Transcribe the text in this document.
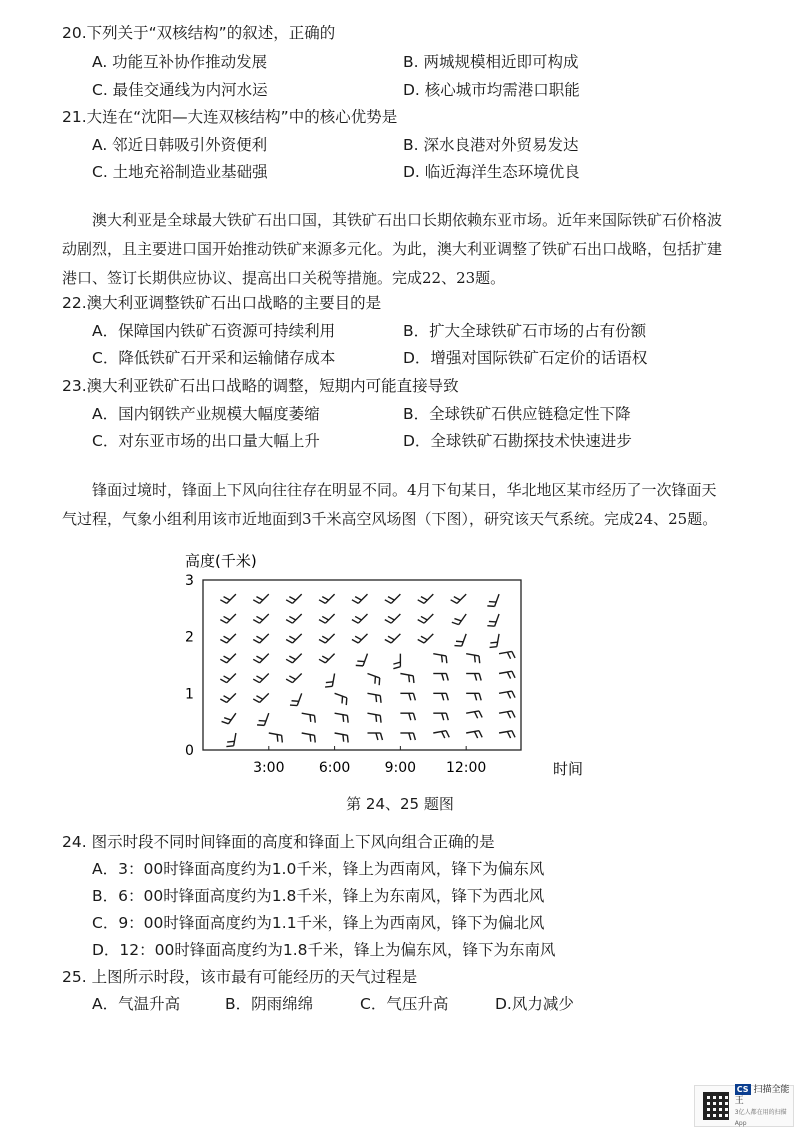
20.下列关于“双核结构”的叙述，正确的
A. 功能互补协作推动发展	B. 两城规模相近即可构成
C. 最佳交通线为内河水运	D. 核心城市均需港口职能
21.大连在“沈阳—大连双核结构”中的核心优势是
A. 邻近日韩吸引外资便利	B. 深水良港对外贸易发达
C. 土地充裕制造业基础强	D. 临近海洋生态环境优良
澳大利亚是全球最大铁矿石出口国，其铁矿石出口长期依赖东亚市场。近年来国际铁矿石价格波动剧烈，且主要进口国开始推动铁矿来源多元化。为此，澳大利亚调整了铁矿石出口战略，包括扩建港口、签订长期供应协议、提高出口关税等措施。完成22、23题。
22.澳大利亚调整铁矿石出口战略的主要目的是
A．保障国内铁矿石资源可持续利用	B．扩大全球铁矿石市场的占有份额
C．降低铁矿石开采和运输储存成本	D．增强对国际铁矿石定价的话语权
23.澳大利亚铁矿石出口战略的调整，短期内可能直接导致
A．国内钢铁产业规模大幅度萎缩	B．全球铁矿石供应链稳定性下降
C．对东亚市场的出口量大幅上升	D．全球铁矿石勘探技术快速进步
锋面过境时，锋面上下风向往往存在明显不同。4月下旬某日，华北地区某市经历了一次锋面天气过程，气象小组利用该市近地面到3千米高空风场图（下图），研究该天气系统。完成24、25题。
高度(千米)
时间
0
1
2
3
3:00 6:00 9:00 12:00
第 24、25 题图
24. 图示时段不同时间锋面的高度和锋面上下风向组合正确的是
A．3：00时锋面高度约为1.0千米，锋上为西南风，锋下为偏东风
B．6：00时锋面高度约为1.8千米，锋上为东南风，锋下为西北风
C．9：00时锋面高度约为1.1千米，锋上为西南风，锋下为偏北风
D．12：00时锋面高度约为1.8千米，锋上为偏东风，锋下为东南风
25. 上图所示时段，该市最有可能经历的天气过程是
A．气温升高	B．阴雨绵绵	C．气压升高	D.风力减少
CS 扫描全能王
3亿人都在用的扫描App
